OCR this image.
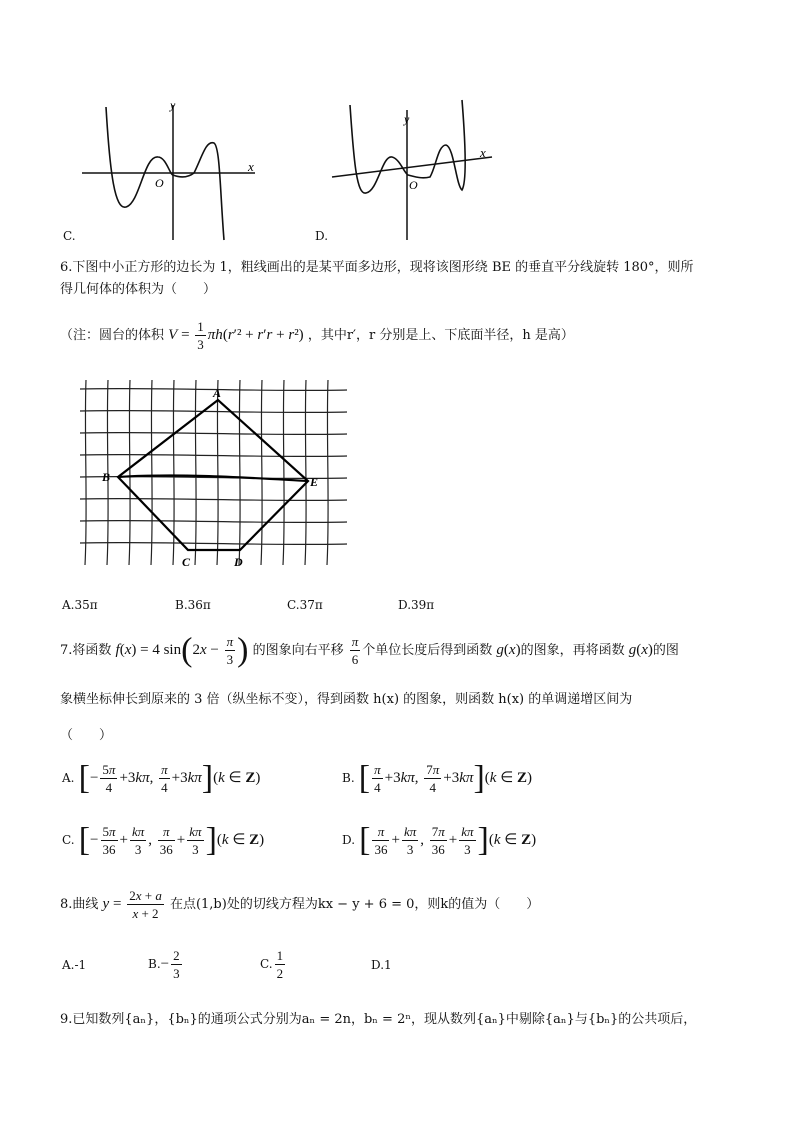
y
x
O
C.
y
x
O
D.
6.下图中小正方形的边长为 1，粗线画出的是某平面多边形，现将该图形绕 BE 的垂直平分线旋转 180°，则所
得几何体的体积为（　　）
（注：圆台的体积 $V = \frac{1}{3} \pi h(r'^2 + r'r + r^2)$ ，其中r′，r 分别是上、下底面半径，h 是高）
A
B
C	D
E
A.35π	B.36π	C.37π	D.39π
7.将函数 f(x) = 4 $\sin(2x - \frac{\pi}{3}$ ) 的图象向右平移 $\frac{\pi}{6}$ 个单位长度后得到函数 g(x)的图象，再将函数 g(x)的图
象横坐标伸长到原来的 3 倍（纵坐标不变），得到函数 h(x) 的图象，则函数 h(x) 的单调递增区间为
（　　）
A. [− $\frac{5\pi}{4} +3k\pi$, $\frac{\pi}{4} +3k\pi](k$ ∈ Z)	B. [ $\frac{\pi}{4} +3k\pi$, $\frac{7\pi}{4} +3k\pi](k$ ∈ Z)
C. [− $\frac{5\pi}{36} + \frac{k\pi}{3}$ , $\frac{\pi}{36} + \frac{k\pi}{3} ](k$ ∈ Z)	D. [ $\frac{\pi}{36} + \frac{k\pi}{3}$ , $\frac{7\pi}{36} + \frac{k\pi}{3} ](k$ ∈ Z)
8.曲线 $y = \frac{2x + a}{x + 2}$ 在点(1,b)处的切线方程为kx − y + 6 = 0，则k的值为（　　）
A.-1	$B.- \frac{2}{3}$	C. $\frac{1}{2}$	D.1
9.已知数列{aₙ}，{bₙ}的通项公式分别为aₙ = 2n，bₙ = 2ⁿ，现从数列{aₙ}中剔除{aₙ}与{bₙ}的公共项后，
